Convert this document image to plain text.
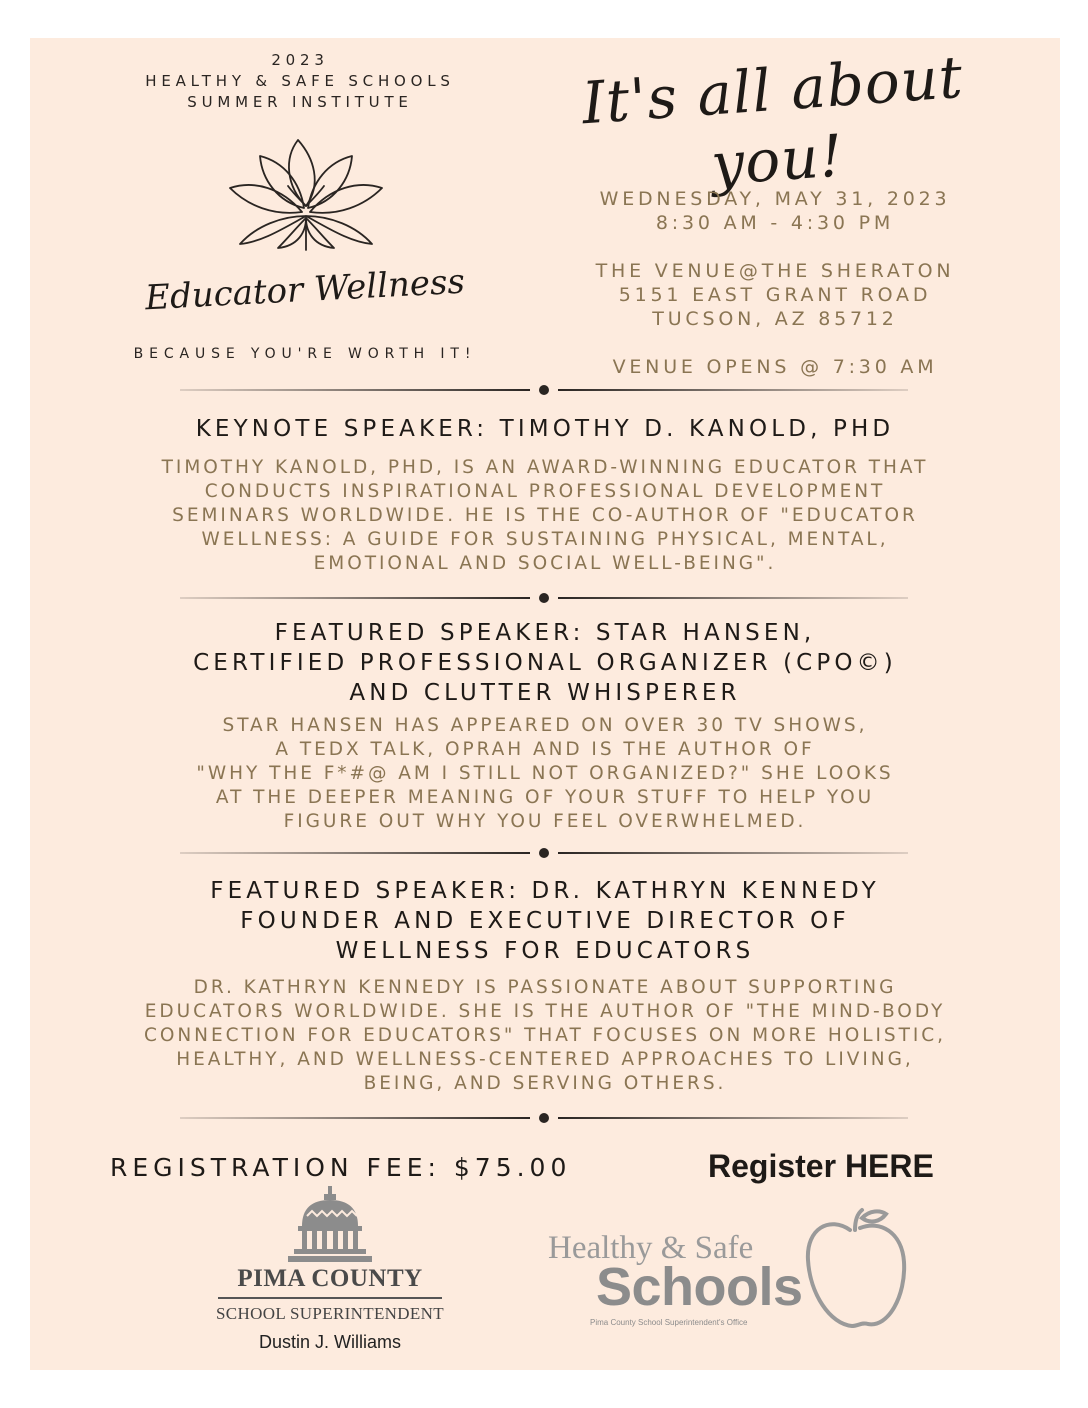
2023
HEALTHY & SAFE SCHOOLS
SUMMER INSTITUTE
Educator Wellness
BECAUSE YOU'RE WORTH IT!
It's all about you!
WEDNESDAY, MAY 31, 2023
8:30 AM - 4:30 PM
THE VENUE@THE SHERATON
5151 EAST GRANT ROAD
TUCSON, AZ 85712
VENUE OPENS @ 7:30 AM
KEYNOTE SPEAKER: TIMOTHY D. KANOLD, PHD
TIMOTHY KANOLD, PHD, IS AN AWARD-WINNING EDUCATOR THAT
CONDUCTS INSPIRATIONAL PROFESSIONAL DEVELOPMENT
SEMINARS WORLDWIDE. HE IS THE CO-AUTHOR OF "EDUCATOR
WELLNESS: A GUIDE FOR SUSTAINING PHYSICAL, MENTAL,
EMOTIONAL AND SOCIAL WELL-BEING".
FEATURED SPEAKER: STAR HANSEN,
CERTIFIED PROFESSIONAL ORGANIZER (CPO©)
AND CLUTTER WHISPERER
STAR HANSEN HAS APPEARED ON OVER 30 TV SHOWS,
A TEDX TALK, OPRAH AND IS THE AUTHOR OF
"WHY THE F*#@ AM I STILL NOT ORGANIZED?" SHE LOOKS
AT THE DEEPER MEANING OF YOUR STUFF TO HELP YOU
FIGURE OUT WHY YOU FEEL OVERWHELMED.
FEATURED SPEAKER: DR. KATHRYN KENNEDY
FOUNDER AND EXECUTIVE DIRECTOR OF
WELLNESS FOR EDUCATORS
DR. KATHRYN KENNEDY IS PASSIONATE ABOUT SUPPORTING
EDUCATORS WORLDWIDE. SHE IS THE AUTHOR OF "THE MIND-BODY
CONNECTION FOR EDUCATORS" THAT FOCUSES ON MORE HOLISTIC,
HEALTHY, AND WELLNESS-CENTERED APPROACHES TO LIVING,
BEING, AND SERVING OTHERS.
REGISTRATION FEE: $75.00	Register HERE
PIMA COUNTY
SCHOOL SUPERINTENDENT
Dustin J. Williams
Healthy & Safe
Schools
Pima County School Superintendent's Office
